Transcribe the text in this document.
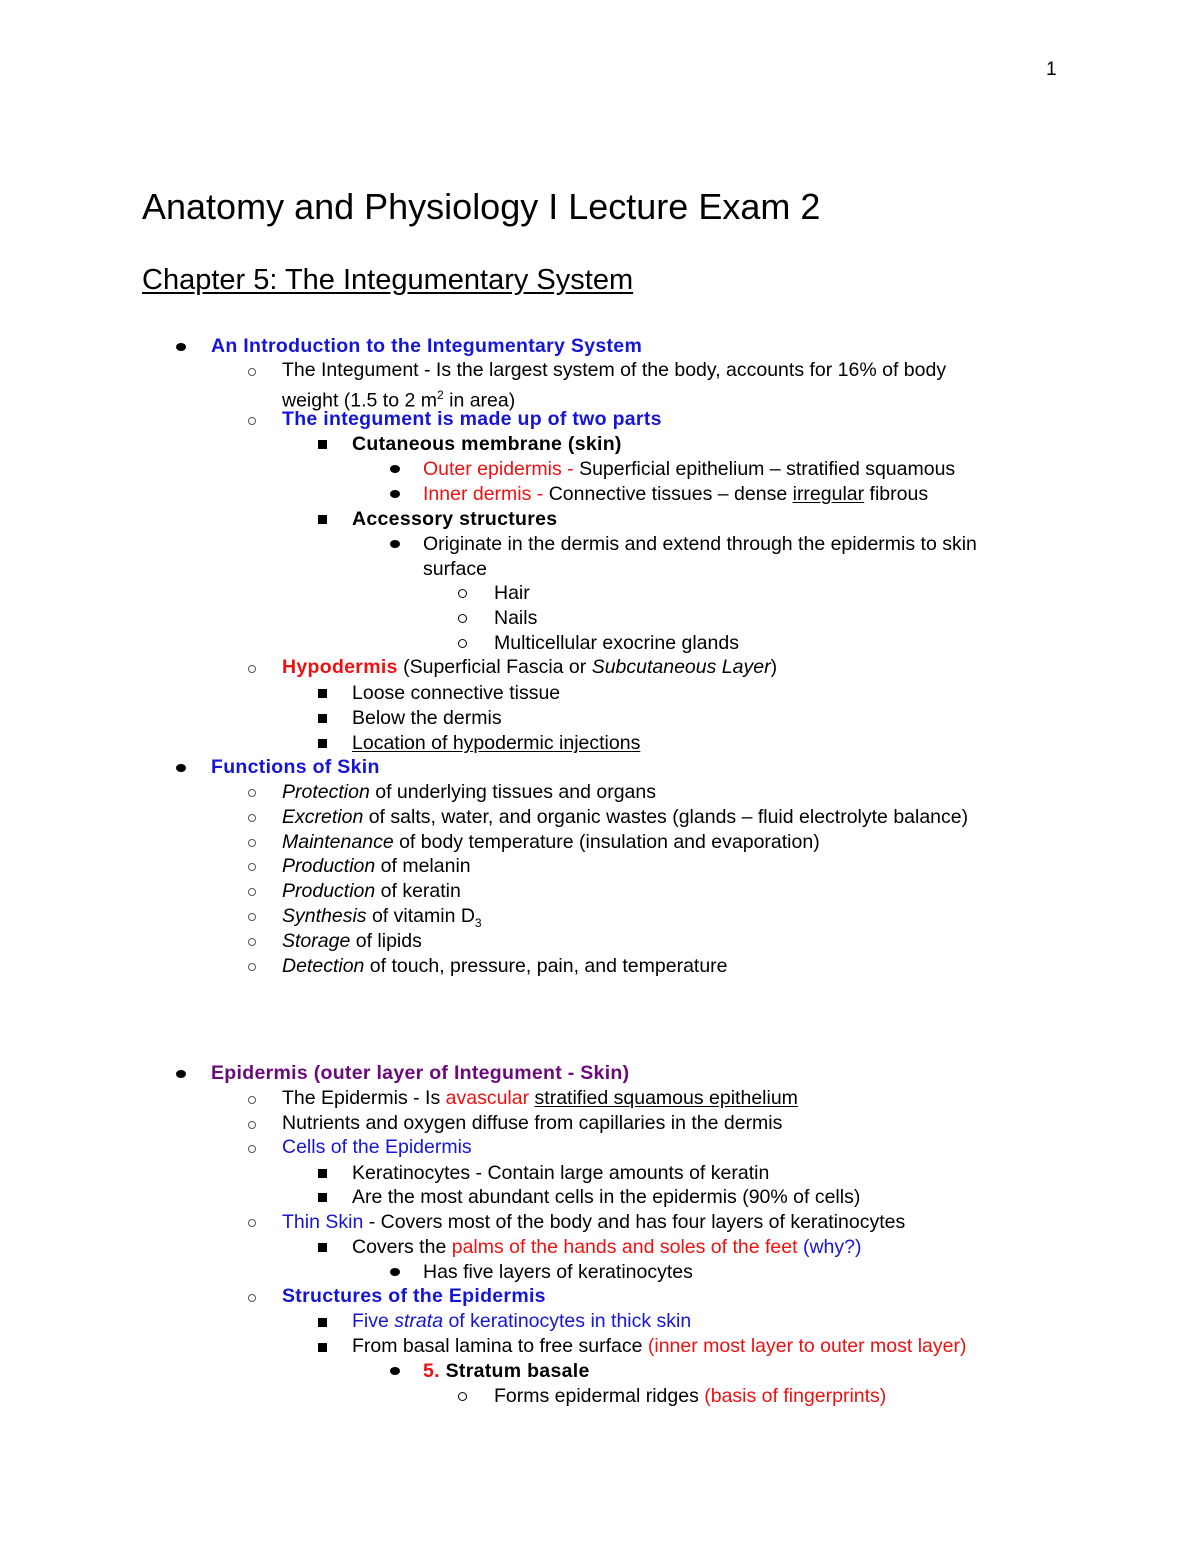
1
Anatomy and Physiology I Lecture Exam 2
Chapter 5: The Integumentary System
An Introduction to the Integumentary System
The Integument - Is the largest system of the body, accounts for 16% of body
weight (1.5 to 2 $m^2$ in area)
The integument is made up of two parts
Cutaneous membrane (skin)
Outer epidermis - Superficial epithelium – stratified squamous
Inner dermis - Connective tissues – dense irregular fibrous
Accessory structures
Originate in the dermis and extend through the epidermis to skin
surface
Hair
Nails
Multicellular exocrine glands
Hypodermis (Superficial Fascia or Subcutaneous Layer)
Loose connective tissue
Below the dermis
Location of hypodermic injections
Functions of Skin
Protection of underlying tissues and organs
Excretion of salts, water, and organic wastes (glands – fluid electrolyte balance)
Maintenance of body temperature (insulation and evaporation)
Production of melanin
Production of keratin
Synthesis of vitamin $D_3$
Storage of lipids
Detection of touch, pressure, pain, and temperature
Epidermis (outer layer of Integument - Skin)
The Epidermis - Is avascular stratified squamous epithelium
Nutrients and oxygen diffuse from capillaries in the dermis
Cells of the Epidermis
Keratinocytes - Contain large amounts of keratin
Are the most abundant cells in the epidermis (90% of cells)
Thin Skin - Covers most of the body and has four layers of keratinocytes
Covers the palms of the hands and soles of the feet (why?)
Has five layers of keratinocytes
Structures of the Epidermis
Five strata of keratinocytes in thick skin
From basal lamina to free surface (inner most layer to outer most layer)
5. Stratum basale
Forms epidermal ridges (basis of fingerprints)
